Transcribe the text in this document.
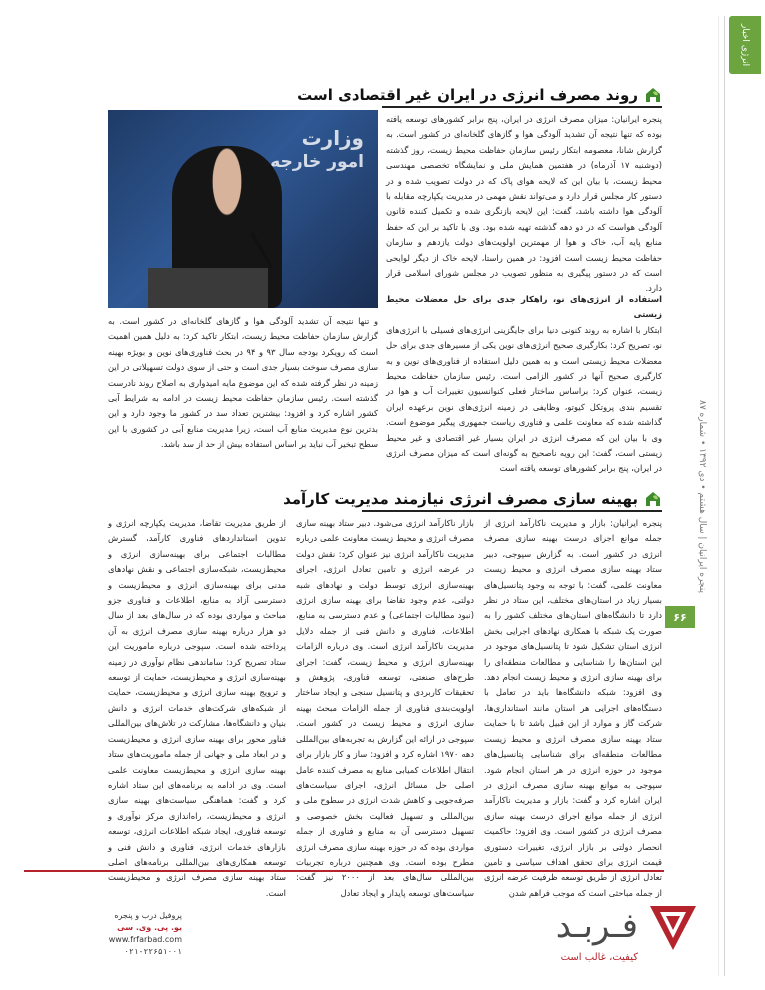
انرژی اخبار
پنجره ایرانیان | سال هشتم • دی ۱۳۹۲ • شماره ۸۷
۶۶
روند مصرف انرژی در ایران غیر اقتصادی است

پنجره ایرانیان: میزان مصرف انرژی در ایران، پنج برابر کشورهای توسعه یافته بوده که تنها نتیجه آن تشدید آلودگی هوا و گازهای گلخانه‌ای در کشور است. به گزارش شانا، معصومه ابتکار رئیس سازمان حفاظت محیط زیست، روز گذشته (دوشنبه ۱۷ آذرماه) در هفتمین همایش ملی و نمایشگاه تخصصی مهندسی محیط زیست، با بیان این که لایحه هوای پاک که در دولت تصویب شده و در دستور کار مجلس قرار دارد و می‌تواند نقش مهمی در مدیریت یکپارچه مقابله با آلودگی هوا داشته باشد، گفت: این لایحه بازنگری شده و تکمیل کننده قانون آلودگی هواست که در دو دهه گذشته تهیه شده بود. وی با تاکید بر این که حفظ منابع پایه آب، خاک و هوا از مهمترین اولویت‌های دولت یازدهم و سازمان حفاظت محیط زیست است افزود: در همین راستا، لایحه خاک از دیگر لوایحی است که در دستور پیگیری به منظور تصویب در مجلس شورای اسلامی قرار دارد.

وزارت
امور خارجه

استفاده از انرژی‌های نو، راهکار جدی برای حل معضلات محیط زیستی

ابتکار با اشاره به روند کنونی دنیا برای جایگزینی انرژی‌های فسیلی با انرژی‌های نو، تصریح کرد: بکارگیری صحیح انرژی‌های نوین یکی از مسیرهای جدی برای حل معضلات محیط زیستی است و به همین دلیل استفاده از فناوری‌های نوین و به کارگیری صحیح آنها در کشور الزامی است. رئیس سازمان حفاظت محیط زیست، عنوان کرد: براساس ساختار فعلی کنوانسیون تغییرات آب و هوا در تقسیم بندی پروتکل کیوتو، وظایفی در زمینه انرژی‌های نوین برعهده ایران گذاشته شده که معاونت علمی و فناوری ریاست جمهوری پیگیر موضوع است. وی با بیان این که مصرف انرژی در ایران بسیار غیر اقتصادی و غیر محیط زیستی است، گفت: این رویه ناصحیح به گونه‌ای است که میزان مصرف انرژی در ایران، پنج برابر کشورهای توسعه یافته است

و تنها نتیجه آن تشدید آلودگی هوا و گازهای گلخانه‌ای در کشور است. به گزارش سازمان حفاظت محیط زیست، ابتکار تاکید کرد: به دلیل همین اهمیت است که رویکرد بودجه سال ۹۳ و ۹۴ در بحث فناوری‌های نوین و بویژه بهینه سازی مصرف سوخت بسیار جدی است و حتی از سوی دولت تسهیلاتی در این زمینه در نظر گرفته شده که این موضوع مایه امیدواری به اصلاح روند نادرست گذشته است. رئیس سازمان حفاظت محیط زیست در ادامه به شرایط آبی کشور اشاره کرد و افزود: بیشترین تعداد سد در کشور ما وجود دارد و این بدترین نوع مدیریت منابع آب است، زیرا مدیریت منابع آبی در کشوری با این سطح تبخیر آب نباید بر اساس استفاده بیش از حد از سد باشد.

بهینه سازی مصرف انرژی نیازمند مدیریت کارآمد

پنجره ایرانیان: بازار و مدیریت ناکارآمد انرژی از جمله موانع اجرای درست بهینه سازی مصرف انرژی در کشور است. به گزارش سپوجی، دبیر ستاد بهینه سازی مصرف انرژی و محیط زیست معاونت علمی، گفت: با توجه به وجود پتانسیل‌های بسیار زیاد در استان‌های مختلف، این ستاد در نظر دارد تا دانشگاه‌های استان‌های مختلف کشور را به صورت یک شبکه با همکاری نهادهای اجرایی بخش انرژی استان تشکیل شود تا پتانسیل‌های موجود در این استان‌ها را شناسایی و مطالعات منطقه‌ای را برای بهینه سازی انرژی و محیط زیست انجام دهد. وی افزود: شبکه دانشگاه‌ها باید در تعامل با دستگاه‌های اجرایی هر استان مانند استانداری‌ها، شرکت گاز و موارد از این قبیل باشد تا با حمایت ستاد بهینه سازی مصرف انرژی و محیط زیست مطالعات منطقه‌ای برای شناسایی پتانسیل‌های موجود در حوزه انرژی در هر استان انجام شود. سپوجی به موانع بهینه سازی مصرف انرژی در ایران اشاره کرد و گفت: بازار و مدیریت ناکارآمد انرژی از جمله موانع اجرای درست بهینه سازی مصرف انرژی در کشور است. وی افزود: حاکمیت انحصار دولتی بر بازار انرژی، تغییرات دستوری قیمت انرژی برای تحقق اهداف سیاسی و تامین تعادل انرژی از طریق توسعه ظرفیت عرضه انرژی از جمله مباحثی است که موجب فراهم شدن

بازار ناکارآمد انرژی می‌شود. دبیر ستاد بهینه سازی مصرف انرژی و محیط زیست معاونت علمی درباره مدیریت ناکارآمد انرژی نیز عنوان کرد: نقش دولت در عرضه انرژی و تامین تعادل انرژی، اجرای بهینه‌سازی انرژی توسط دولت و نهادهای شبه دولتی، عدم وجود تقاضا برای بهینه سازی انرژی (نبود مطالبات اجتماعی) و عدم دسترسی به منابع، اطلاعات، فناوری و دانش فنی از جمله دلایل مدیریت ناکارآمد انرژی است. وی درباره الزامات بهینه‌سازی انرژی و محیط زیست، گفت: اجرای طرح‌های صنعتی، توسعه فناوری، پژوهش و تحقیقات کاربردی و پتانسیل سنجی و ایجاد ساختار اولویت‌بندی فناوری از جمله الزامات مبحث بهینه سازی انرژی و محیط زیست در کشور است. سپوجی در ارائه این گزارش به تجربه‌های بین‌المللی دهه ۱۹۷۰ اشاره کرد و افزود: ساز و کار بازار برای انتقال اطلاعات کمیابی منابع به مصرف کننده عامل اصلی حل مسائل انرژی، اجرای سیاست‌های صرفه‌جویی و کاهش شدت انرژی در سطوح ملی و بین‌المللی و تسهیل فعالیت بخش خصوصی و تسهیل دسترسی آن به منابع و فناوری از جمله مواردی بوده که در حوزه بهینه سازی مصرف انرژی مطرح بوده است. وی همچنین درباره تجربیات بین‌المللی سال‌های بعد از ۲۰۰۰ نیز گفت: سیاست‌های توسعه پایدار و ایجاد تعادل

از طریق مدیریت تقاضا، مدیریت یکپارچه انرژی و تدوین استانداردهای فناوری کارآمد، گسترش مطالبات اجتماعی برای بهینه‌سازی انرژی و محیط‌زیست، شبکه‌سازی اجتماعی و نقش نهادهای مدنی برای بهینه‌سازی انرژی و محیط‌زیست و دسترسی آزاد به منابع، اطلاعات و فناوری جزو مباحث و مواردی بوده که در سال‌های بعد از سال دو هزار درباره بهینه سازی مصرف انرژی به آن پرداخته شده است. سپوجی درباره ماموریت این ستاد تصریح کرد: ساماندهی نظام نوآوری در زمینه بهینه‌سازی انرژی و محیط‌زیست، حمایت از توسعه و ترویج بهینه سازی انرژی و محیط‌زیست، حمایت از شبکه‌های شرکت‌های خدمات انرژی و دانش بنیان و دانشگاه‌ها، مشارکت در تلاش‌های بین‌المللی فناور محور برای بهینه سازی انرژی و محیط‌زیست و در ابعاد ملی و جهانی از جمله ماموریت‌های ستاد بهینه سازی انرژی و محیط‌زیست معاونت علمی است. وی در ادامه به برنامه‌های این ستاد اشاره کرد و گفت: هماهنگی سیاست‌های بهینه سازی انرژی و محیط‌زیست، راه‌اندازی مرکز نوآوری و توسعه فناوری، ایجاد شبکه اطلاعات انرژی، توسعه بازارهای خدمات انرژی، فناوری و دانش فنی و توسعه همکاری‌های بین‌المللی برنامه‌های اصلی ستاد بهینه سازی مصرف انرژی و محیط‌زیست است.

فـربـد
کیفیت، غالب است
پروفیل درب و پنجره
یو. پی. وی. سی
www.frfarbad.com
۰۲۱-۲۲۶۵۱۰۰۱
